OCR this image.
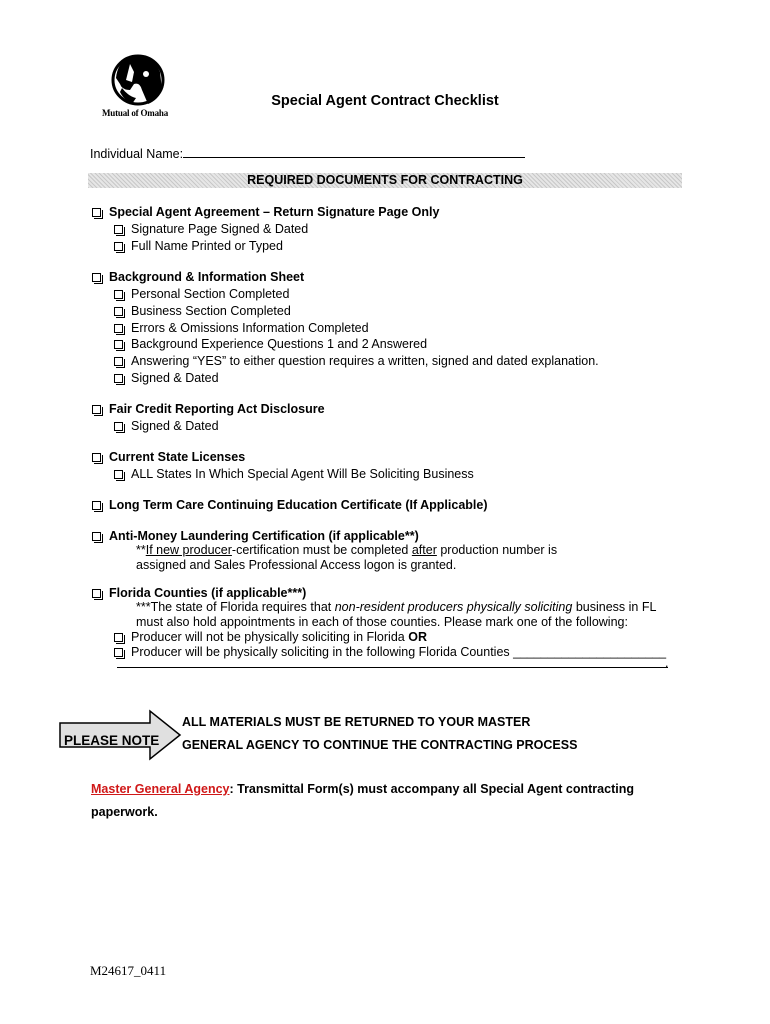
Mutual of Omaha
Special Agent Contract Checklist
Individual Name:
REQUIRED DOCUMENTS FOR CONTRACTING
Special Agent Agreement – Return Signature Page Only
Signature Page Signed & Dated
Full Name Printed or Typed
Background & Information Sheet
Personal Section Completed
Business Section Completed
Errors & Omissions Information Completed
Background Experience Questions 1 and 2 Answered
Answering “YES” to either question requires a written, signed and dated explanation.
Signed & Dated
Fair Credit Reporting Act Disclosure
Signed & Dated
Current State Licenses
ALL States In Which Special Agent Will Be Soliciting Business
Long Term Care Continuing Education Certificate (If Applicable)
Anti-Money Laundering Certification (if applicable**)
**If new producer-certification must be completed after production number is
assigned and Sales Professional Access logon is granted.
Florida Counties (if applicable***)
***The state of Florida requires that non-resident producers physically soliciting business in FL
must also hold appointments in each of those counties. Please mark one of the following:
Producer will not be physically soliciting in Florida OR
Producer will be physically soliciting in the following Florida Counties ______________________
.
PLEASE NOTE
ALL MATERIALS MUST BE RETURNED TO YOUR MASTER
GENERAL AGENCY TO CONTINUE THE CONTRACTING PROCESS
Master General Agency: Transmittal Form(s) must accompany all Special Agent contracting
paperwork.
M24617_0411
